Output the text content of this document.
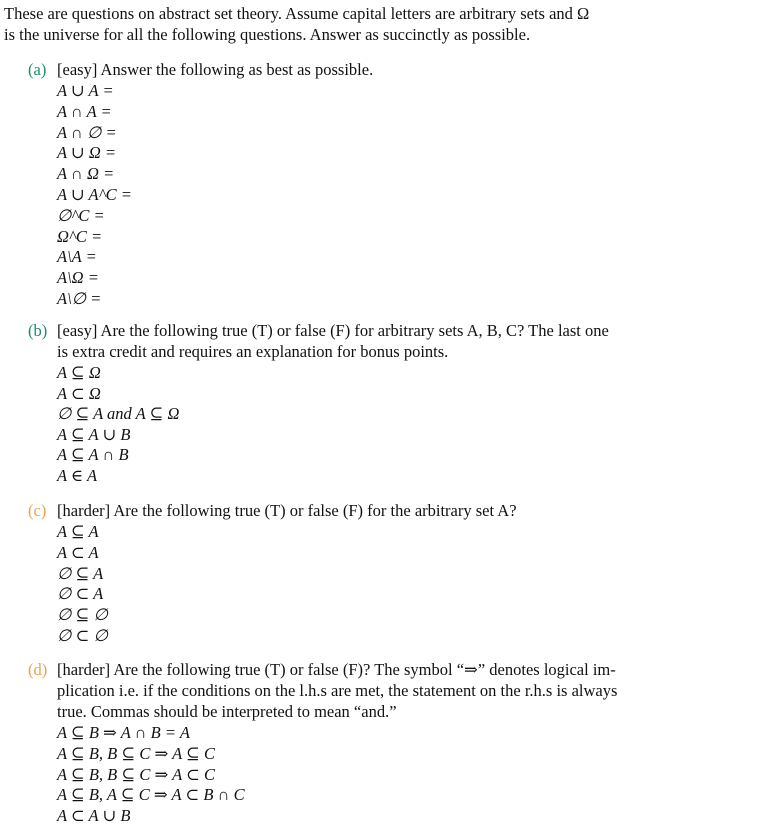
These are questions on abstract set theory. Assume capital letters are arbitrary sets and Ω
is the universe for all the following questions. Answer as succinctly as possible.
(a) [easy] Answer the following as best as possible.
A ∪ A =
A ∩ A =
A ∩ ∅ =
A ∪ Ω =
A ∩ Ω =
A ∪ A^C =
∅^C =
Ω^C =
A\A =
A\Ω =
A\∅ =
(b) [easy] Are the following true (T) or false (F) for arbitrary sets A, B, C? The last one
is extra credit and requires an explanation for bonus points.
A ⊆ Ω
A ⊂ Ω
∅ ⊆ A and A ⊆ Ω
A ⊆ A ∪ B
A ⊆ A ∩ B
A ∈ A
(c) [harder] Are the following true (T) or false (F) for the arbitrary set A?
A ⊆ A
A ⊂ A
∅ ⊆ A
∅ ⊂ A
∅ ⊆ ∅
∅ ⊂ ∅
(d) [harder] Are the following true (T) or false (F)? The symbol “⇒” denotes logical im-
plication i.e. if the conditions on the l.h.s are met, the statement on the r.h.s is always
true. Commas should be interpreted to mean “and.”
A ⊆ B ⇒ A ∩ B = A
A ⊆ B, B ⊆ C ⇒ A ⊆ C
A ⊆ B, B ⊆ C ⇒ A ⊂ C
A ⊆ B, A ⊆ C ⇒ A ⊂ B ∩ C
A ⊂ A ∪ B
